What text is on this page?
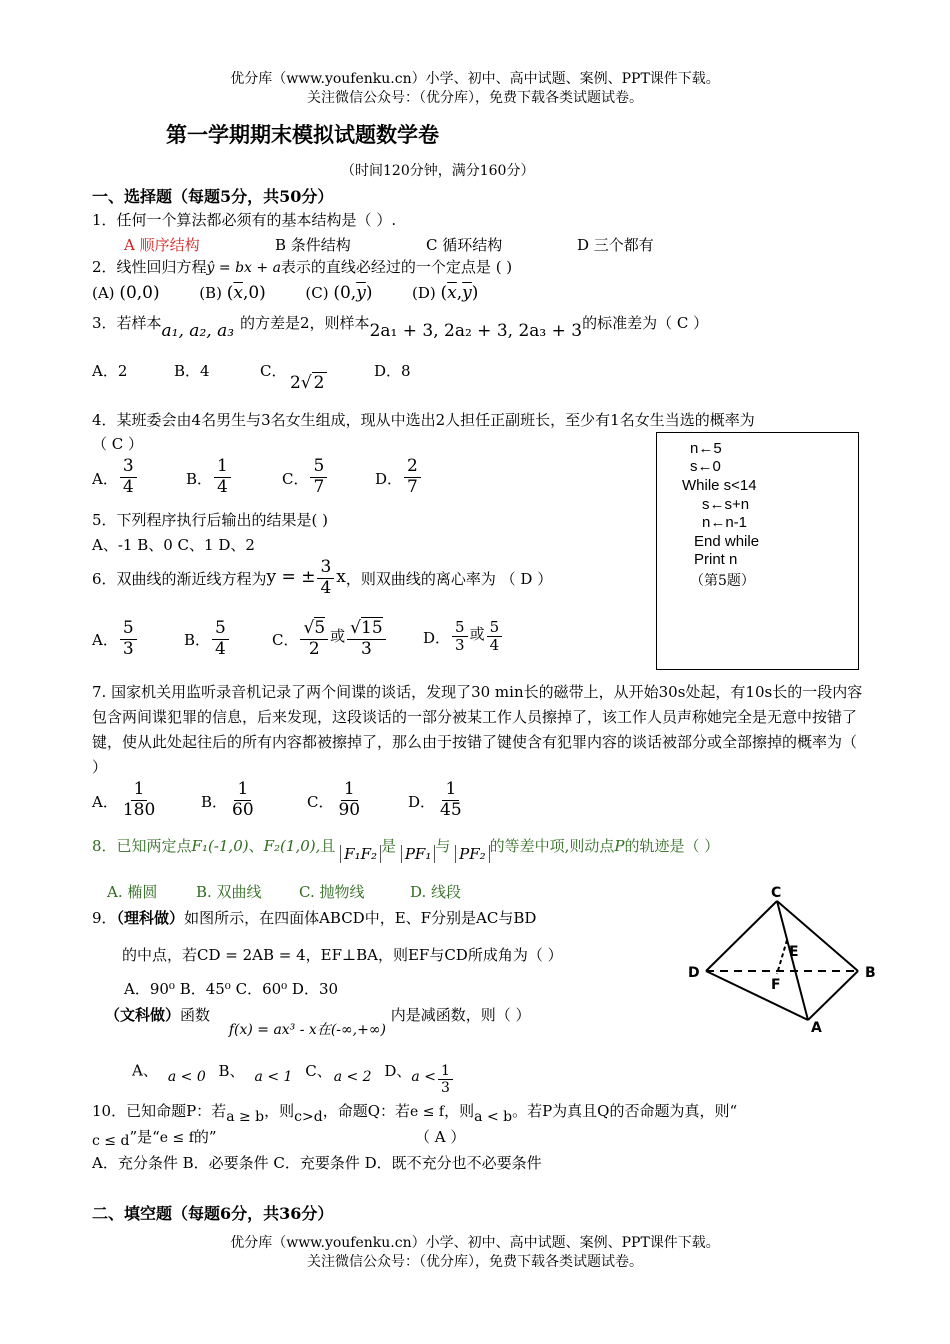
优分库（www.youfenku.cn）小学、初中、高中试题、案例、PPT课件下载。
关注微信公众号：（优分库），免费下载各类试题试卷。
第一学期期末模拟试题数学卷
（时间120分钟，满分160分）
一、选择题（每题5分，共50分）
1．任何一个算法都必须有的基本结构是（ ）.
A 顺序结构	B 条件结构	C 循环结构	D 三个都有
2．线性回归方程ŷ = bx + a表示的直线必经过的一个定点是 ( )
(A) (0,0)	(B) $(\overline{x},0)$	(C) $(0,\overline{y})$	(D) $(\overline{x},\overline{y})$
3．若样本a₁, a₂, a₃ 的方差是2，则样本2a₁ + 3, 2a₂ + 3, 2a₃ + 3的标准差为（ C ）
A．2	B．4	C．
2√ 2
D．8
4．某班委会由4名男生与3名女生组成，现从中选出2人担任正副班长，至少有1名女生当选的概率为
（ C ）
A． $\frac{3}{4}$	B． $\frac{1}{4}$	C． $\frac{5}{7}$	D． $\frac{2}{7}$
5．下列程序执行后输出的结果是( )
A、-1 B、0 C、1 D、2
n←5
s←0
While s<14
s←s+n
n←n-1
End while
Print n
（第5题）
6．双曲线的渐近线方程为y = ± $\frac{3}{4}$ x，则双曲线的离心率为 （ D ）
A． $\frac{5}{3}$	B． $\frac{5}{4}$	C． $\frac{√5}{2}$ 或 $\frac{√15}{3}$ D． $\frac{5}{3}$ 或 $\frac{5}{4}$
7. 国家机关用监听录音机记录了两个间谍的谈话，发现了30 min长的磁带上，从开始30s处起，有10s长的一段内容包含两间谍犯罪的信息，后来发现，这段谈话的一部分被某工作人员擦掉了，该工作人员声称她完全是无意中按错了键，使从此处起往后的所有内容都被擦掉了，那么由于按错了键使含有犯罪内容的谈话被部分或全部擦掉的概率为（ ）
A． $\frac{1}{180}$	B． $\frac{1}{60}$	C． $\frac{1}{90}$	D． $\frac{1}{45}$
8．已知两定点F₁(-1,0)、F₂(1,0),且 F₁F₂ 是 PF₁ 与 PF₂ 的等差中项,则动点P的轨迹是（ ）
A. 椭圆	B. 双曲线 C. 抛物线	D. 线段
9．（理科做）如图所示，在四面体ABCD中，E、F分别是AC与BD
的中点，若CD = 2AB = 4，EF⊥BA，则EF与CD所成角为（ ）
A．90⁰ B．45⁰ C．60⁰ D．30
（文科做）函数 f(x) = ax³ - x在(-∞,+∞) 内是减函数，则（ ）
A、 a < 0 B、 a < 1 C、 a < 2 D、$a < \frac{1}{3}$
C
E
F
D	B
A
10．已知命题P：若a ≥ b，则c>d，命题Q：若e ≤ f，则a < b。若P为真且Q的否命题为真，则“
c ≤ d”是“e ≤ f的”	（ A ）
A．充分条件 B．必要条件 C．充要条件 D．既不充分也不必要条件
二、填空题（每题6分，共36分）
优分库（www.youfenku.cn）小学、初中、高中试题、案例、PPT课件下载。
关注微信公众号：（优分库），免费下载各类试题试卷。
